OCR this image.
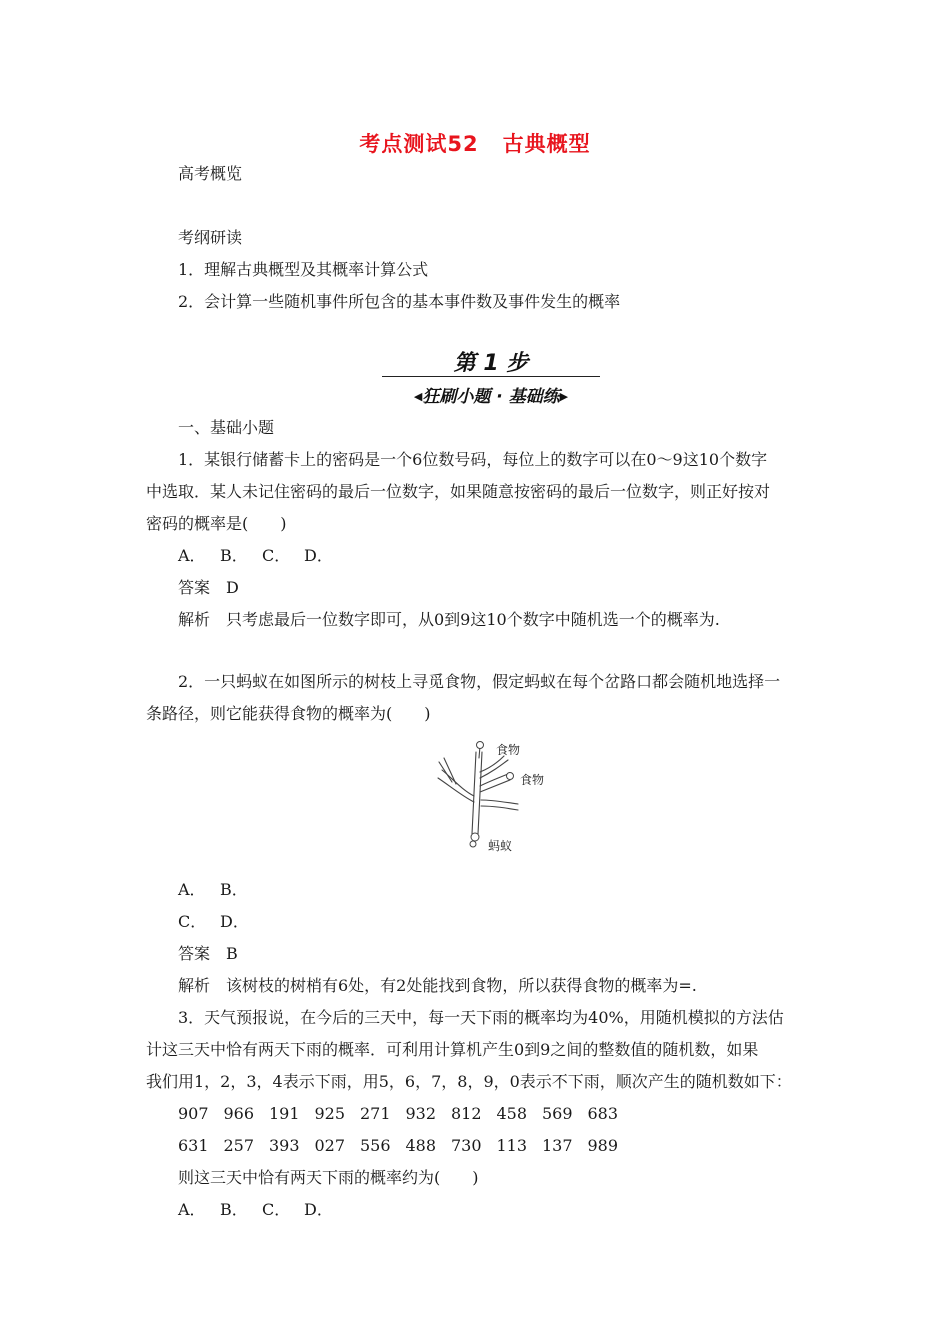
考点测试52 古典概型
高考概览
考纲研读
1．理解古典概型及其概率计算公式
2．会计算一些随机事件所包含的基本事件数及事件发生的概率
第 1 步
◀狂刷小题 · 基础练▶
一、基础小题
1．某银行储蓄卡上的密码是一个6位数号码，每位上的数字可以在0～9这10个数字
中选取．某人未记住密码的最后一位数字，如果随意按密码的最后一位数字，则正好按对
密码的概率是(　　)
A． B． C． D．
答案　D
解析　只考虑最后一位数字即可，从0到9这10个数字中随机选一个的概率为.
2．一只蚂蚁在如图所示的树枝上寻觅食物，假定蚂蚁在每个岔路口都会随机地选择一
条路径，则它能获得食物的概率为(　　)
食物
食物
蚂蚁
A． B．
C． D．
答案　B
解析　该树枝的树梢有6处，有2处能找到食物，所以获得食物的概率为=.
3．天气预报说，在今后的三天中，每一天下雨的概率均为40%，用随机模拟的方法估
计这三天中恰有两天下雨的概率．可利用计算机产生0到9之间的整数值的随机数，如果
我们用1，2，3，4表示下雨，用5，6，7，8，9，0表示不下雨，顺次产生的随机数如下：
907 966 191 925 271 932 812 458 569 683
631 257 393 027 556 488 730 113 137 989
则这三天中恰有两天下雨的概率约为(　　)
A． B． C． D．
